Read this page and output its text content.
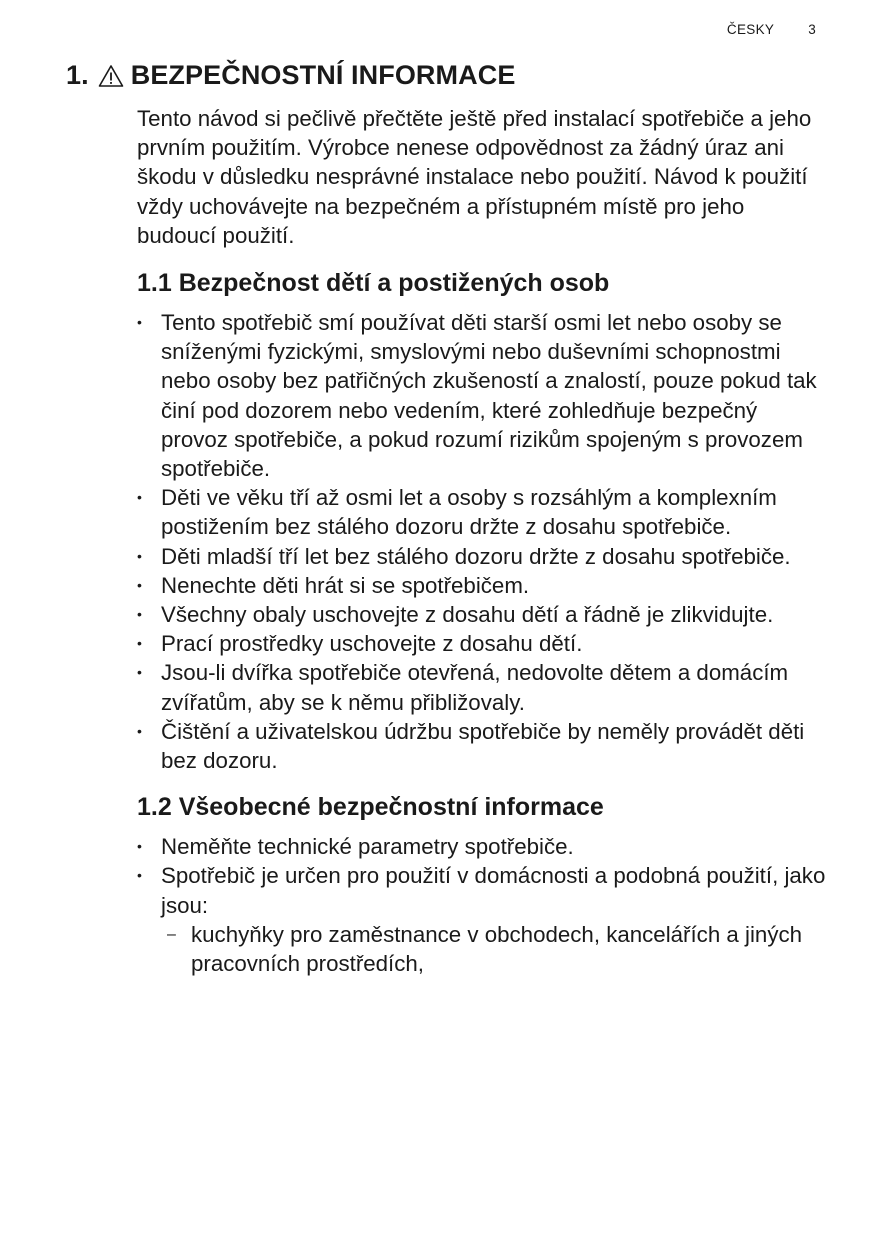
ČESKY	3
1. BEZPEČNOSTNÍ INFORMACE

Tento návod si pečlivě přečtěte ještě před instalací spotřebiče a jeho prvním použitím. Výrobce nenese odpovědnost za žádný úraz ani škodu v důsledku nesprávné instalace nebo použití. Návod k použití vždy uchovávejte na bezpečném a přístupném místě pro jeho budoucí použití.

1.1 Bezpečnost dětí a postižených osob
• Tento spotřebič smí používat děti starší osmi let nebo osoby se sníženými fyzickými, smyslovými nebo duševními schopnostmi nebo osoby bez patřičných zkušeností a znalostí, pouze pokud tak činí pod dozorem nebo vedením, které zohledňuje bezpečný provoz spotřebiče, a pokud rozumí rizikům spojeným s provozem spotřebiče.
• Děti ve věku tří až osmi let a osoby s rozsáhlým a komplexním postižením bez stálého dozoru držte z dosahu spotřebiče.
• Děti mladší tří let bez stálého dozoru držte z dosahu spotřebiče.
• Nenechte děti hrát si se spotřebičem.
• Všechny obaly uschovejte z dosahu dětí a řádně je zlikvidujte.
• Prací prostředky uschovejte z dosahu dětí.
• Jsou-li dvířka spotřebiče otevřená, nedovolte dětem a domácím zvířatům, aby se k němu přibližovaly.
• Čištění a uživatelskou údržbu spotřebiče by neměly provádět děti bez dozoru.
1.2 Všeobecné bezpečnostní informace
• Neměňte technické parametry spotřebiče.
• Spotřebič je určen pro použití v domácnosti a podobná použití, jako jsou:
– kuchyňky pro zaměstnance v obchodech, kancelářích a jiných pracovních prostředích,
